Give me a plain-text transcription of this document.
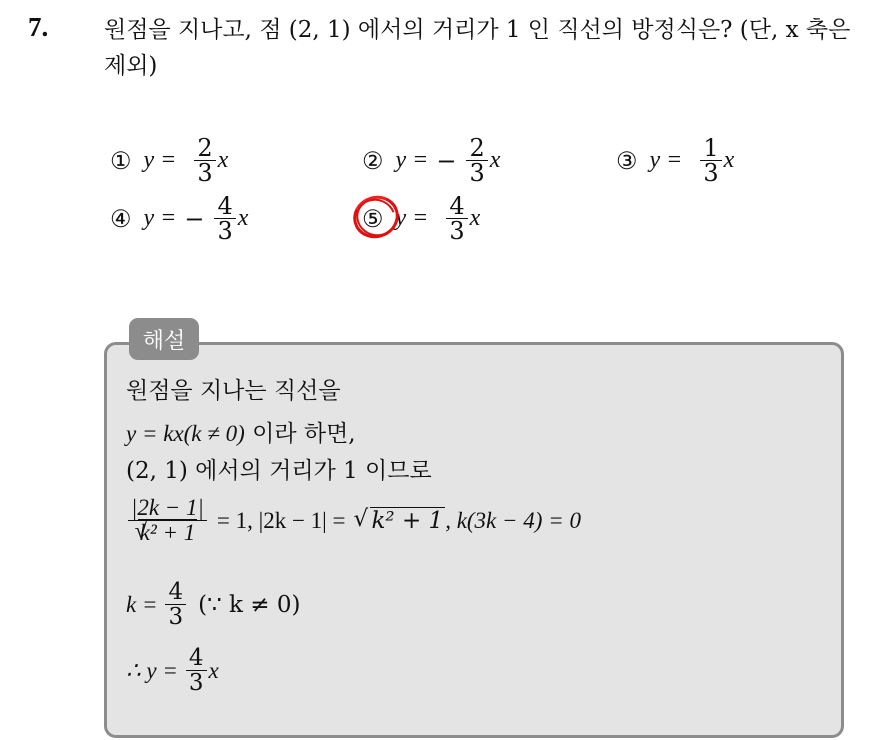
7. 원점을 지나고, 점 (2, 1) 에서의 거리가 1 인 직선의 방정식은? (단, x 축은 제외)
① $y = \frac{2}{3}$ x	② y = − $\frac{2}{3}$ x	③ $y = \frac{1}{3}$ x
④ y = − $\frac{4}{3}$ x	⑤ $y = \frac{4}{3}$ x
해설
원점을 지나는 직선을
y = kx(k ≠ 0) 이라 하면,
(2, 1) 에서의 거리가 1 이므로
|2k − 1|
√ k² + 1 = 1, |2k − 1| =	√ k² + 1 , k(3k − 4) = 0
$k = \frac{4}{3}$ (∵ k ≠ 0)
∴ $y = \frac{4}{3}$ x
